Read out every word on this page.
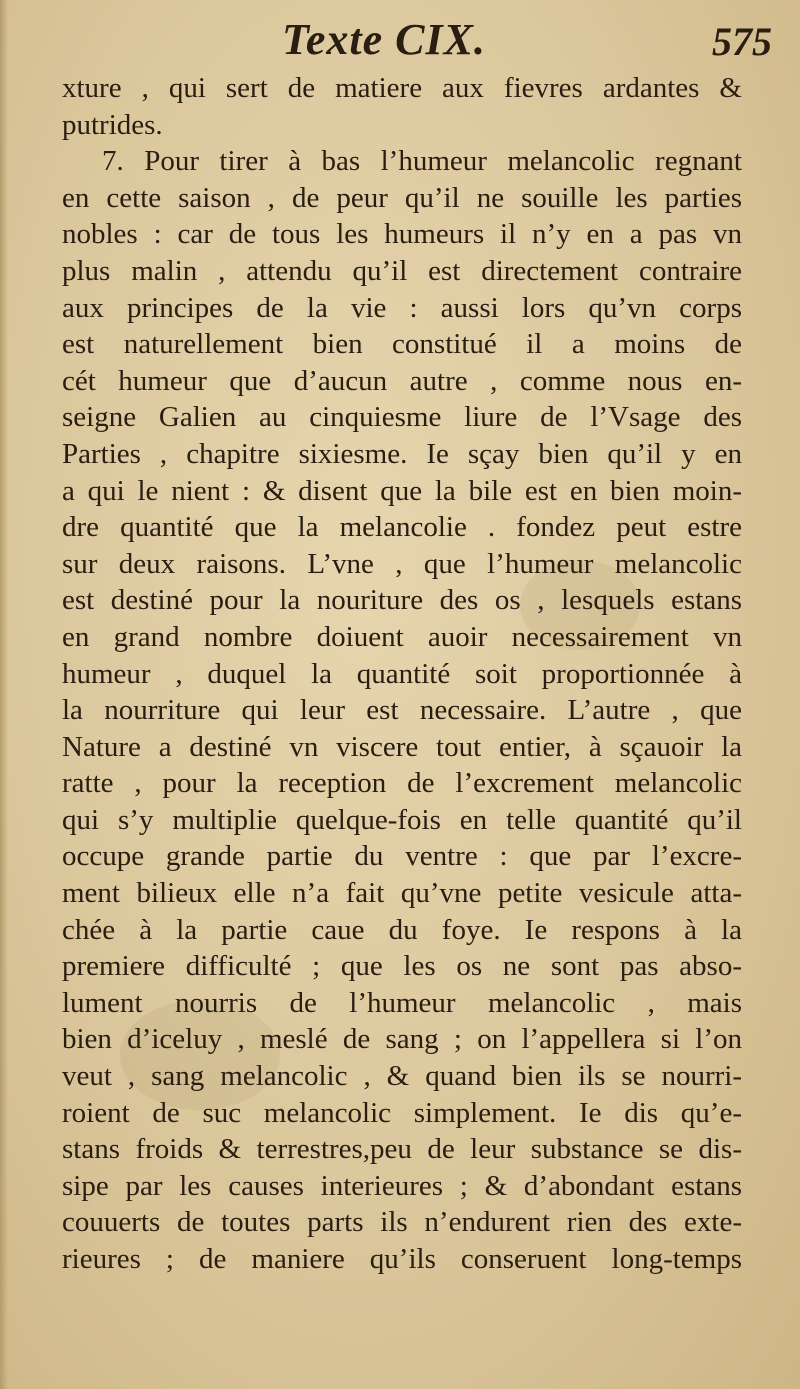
Texte CIX.	575
xture , qui sert de matiere aux fievres ardantes &
putrides.
7. Pour tirer à bas l’humeur melancolic regnant
en cette saison , de peur qu’il ne souille les parties
nobles : car de tous les humeurs il n’y en a pas vn
plus malin , attendu qu’il est directement contraire
aux principes de la vie : aussi lors qu’vn corps
est naturellement bien constitué il a moins de
cét humeur que d’aucun autre , comme nous en-
seigne Galien au cinquiesme liure de l’Vsage des
Parties , chapitre sixiesme. Ie sçay bien qu’il y en
a qui le nient : & disent que la bile est en bien moin-
dre quantité que la melancolie . fondez peut estre
sur deux raisons. L’vne , que l’humeur melancolic
est destiné pour la nouriture des os , lesquels estans
en grand nombre doiuent auoir necessairement vn
humeur , duquel la quantité soit proportionnée à
la nourriture qui leur est necessaire. L’autre , que
Nature a destiné vn viscere tout entier, à sçauoir la
ratte , pour la reception de l’excrement melancolic
qui s’y multiplie quelque-fois en telle quantité qu’il
occupe grande partie du ventre : que par l’excre-
ment bilieux elle n’a fait qu’vne petite vesicule atta-
chée à la partie caue du foye. Ie respons à la
premiere difficulté ; que les os ne sont pas abso-
lument nourris de l’humeur melancolic , mais
bien d’iceluy , meslé de sang ; on l’appellera si l’on
veut , sang melancolic , & quand bien ils se nourri-
roient de suc melancolic simplement. Ie dis qu’e-
stans froids & terrestres,peu de leur substance se dis-
sipe par les causes interieures ; & d’abondant estans
couuerts de toutes parts ils n’endurent rien des exte-
rieures ; de maniere qu’ils conseruent long-temps
